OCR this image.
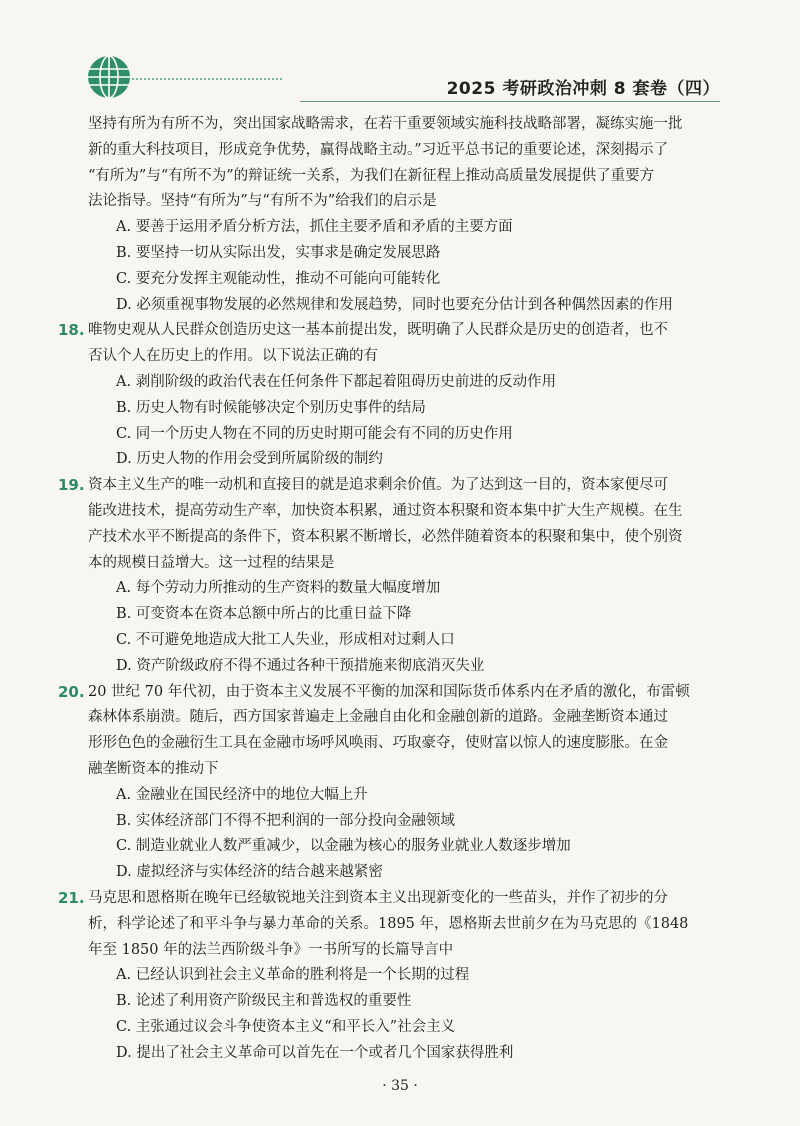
2025 考研政治冲刺 8 套卷（四）

坚持有所为有所不为，突出国家战略需求，在若干重要领域实施科技战略部署，凝练实施一批

新的重大科技项目，形成竞争优势，赢得战略主动。”习近平总书记的重要论述，深刻揭示了

“有所为”与“有所不为”的辩证统一关系，为我们在新征程上推动高质量发展提供了重要方

法论指导。坚持“有所为”与“有所不为”给我们的启示是

A. 要善于运用矛盾分析方法，抓住主要矛盾和矛盾的主要方面

B. 要坚持一切从实际出发，实事求是确定发展思路

C. 要充分发挥主观能动性，推动不可能向可能转化

D. 必须重视事物发展的必然规律和发展趋势，同时也要充分估计到各种偶然因素的作用

18. 唯物史观从人民群众创造历史这一基本前提出发，既明确了人民群众是历史的创造者，也不

否认个人在历史上的作用。以下说法正确的有

A. 剥削阶级的政治代表在任何条件下都起着阻碍历史前进的反动作用

B. 历史人物有时候能够决定个别历史事件的结局

C. 同一个历史人物在不同的历史时期可能会有不同的历史作用

D. 历史人物的作用会受到所属阶级的制约

19. 资本主义生产的唯一动机和直接目的就是追求剩余价值。为了达到这一目的，资本家便尽可

能改进技术，提高劳动生产率，加快资本积累，通过资本积聚和资本集中扩大生产规模。在生

产技术水平不断提高的条件下，资本积累不断增长，必然伴随着资本的积聚和集中，使个别资

本的规模日益增大。这一过程的结果是

A. 每个劳动力所推动的生产资料的数量大幅度增加

B. 可变资本在资本总额中所占的比重日益下降

C. 不可避免地造成大批工人失业，形成相对过剩人口

D. 资产阶级政府不得不通过各种干预措施来彻底消灭失业

20. 20 世纪 70 年代初，由于资本主义发展不平衡的加深和国际货币体系内在矛盾的激化，布雷顿

森林体系崩溃。随后，西方国家普遍走上金融自由化和金融创新的道路。金融垄断资本通过

形形色色的金融衍生工具在金融市场呼风唤雨、巧取豪夺，使财富以惊人的速度膨胀。在金

融垄断资本的推动下

A. 金融业在国民经济中的地位大幅上升

B. 实体经济部门不得不把利润的一部分投向金融领域

C. 制造业就业人数严重减少，以金融为核心的服务业就业人数逐步增加

D. 虚拟经济与实体经济的结合越来越紧密

21. 马克思和恩格斯在晚年已经敏锐地关注到资本主义出现新变化的一些苗头，并作了初步的分

析，科学论述了和平斗争与暴力革命的关系。1895 年，恩格斯去世前夕在为马克思的《1848

年至 1850 年的法兰西阶级斗争》一书所写的长篇导言中

A. 已经认识到社会主义革命的胜利将是一个长期的过程

B. 论述了利用资产阶级民主和普选权的重要性

C. 主张通过议会斗争使资本主义“和平长入”社会主义

D. 提出了社会主义革命可以首先在一个或者几个国家获得胜利

· 35 ·
